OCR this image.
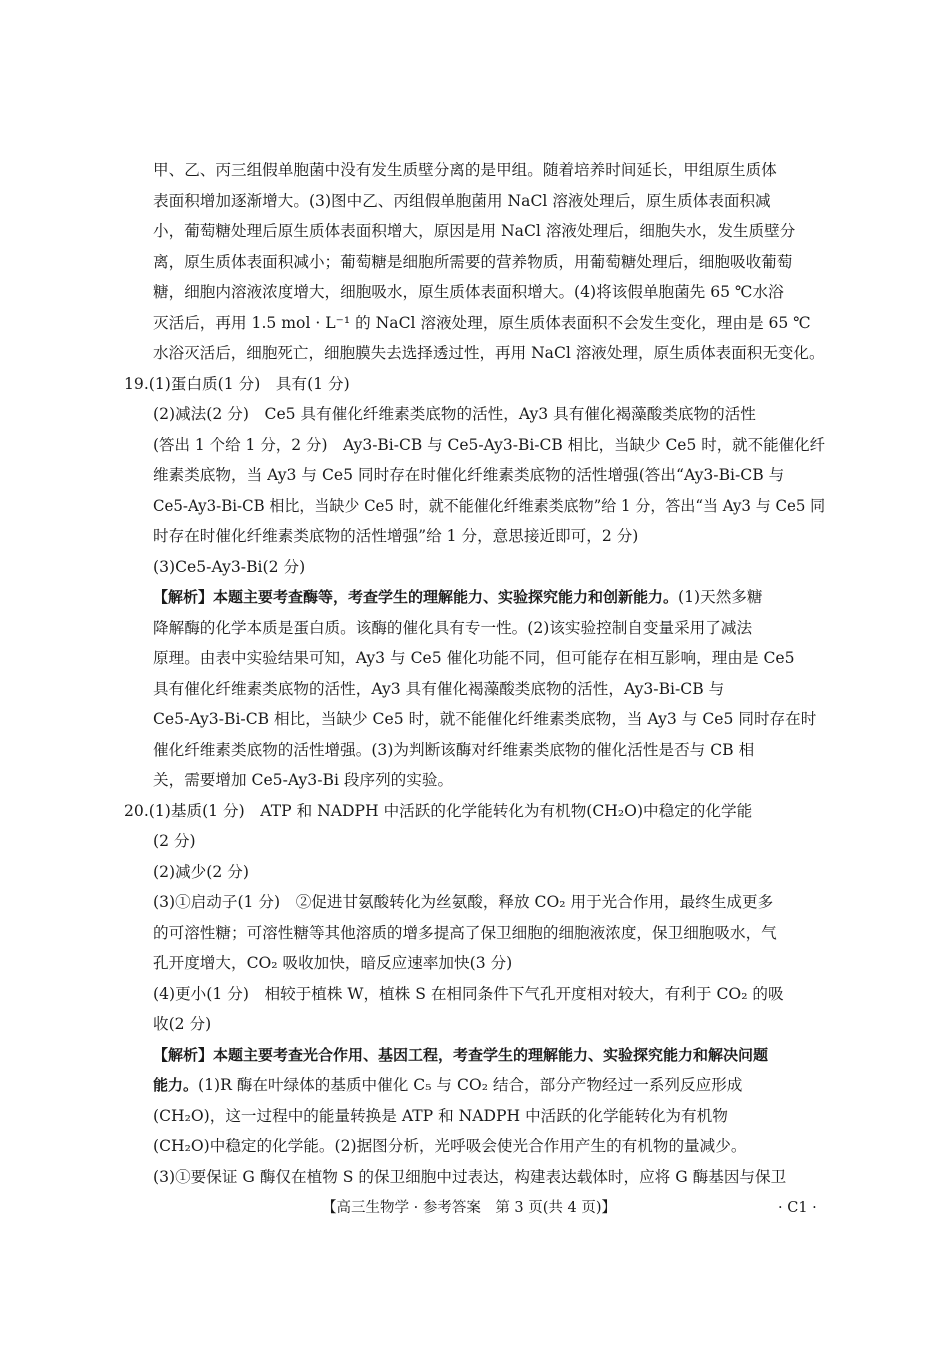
甲、乙、丙三组假单胞菌中没有发生质壁分离的是甲组。随着培养时间延长，甲组原生质体
表面积增加逐渐增大。(3)图中乙、丙组假单胞菌用 NaCl 溶液处理后，原生质体表面积减
小，葡萄糖处理后原生质体表面积增大，原因是用 NaCl 溶液处理后，细胞失水，发生质壁分
离，原生质体表面积减小；葡萄糖是细胞所需要的营养物质，用葡萄糖处理后，细胞吸收葡萄
糖，细胞内溶液浓度增大，细胞吸水，原生质体表面积增大。(4)将该假单胞菌先 65 ℃水浴
灭活后，再用 1.5 mol · L⁻¹ 的 NaCl 溶液处理，原生质体表面积不会发生变化，理由是 65 ℃
水浴灭活后，细胞死亡，细胞膜失去选择透过性，再用 NaCl 溶液处理，原生质体表面积无变化。
19.(1)蛋白质(1 分)　具有(1 分)
(2)减法(2 分)　Ce5 具有催化纤维素类底物的活性，Ay3 具有催化褐藻酸类底物的活性
(答出 1 个给 1 分，2 分)　Ay3-Bi-CB 与 Ce5-Ay3-Bi-CB 相比，当缺少 Ce5 时，就不能催化纤
维素类底物，当 Ay3 与 Ce5 同时存在时催化纤维素类底物的活性增强(答出“Ay3-Bi-CB 与
Ce5-Ay3-Bi-CB 相比，当缺少 Ce5 时，就不能催化纤维素类底物”给 1 分，答出“当 Ay3 与 Ce5 同
时存在时催化纤维素类底物的活性增强”给 1 分，意思接近即可，2 分)
(3)Ce5-Ay3-Bi(2 分)
【解析】本题主要考查酶等，考查学生的理解能力、实验探究能力和创新能力。(1)天然多糖
降解酶的化学本质是蛋白质。该酶的催化具有专一性。(2)该实验控制自变量采用了减法
原理。由表中实验结果可知，Ay3 与 Ce5 催化功能不同，但可能存在相互影响，理由是 Ce5
具有催化纤维素类底物的活性，Ay3 具有催化褐藻酸类底物的活性，Ay3-Bi-CB 与
Ce5-Ay3-Bi-CB 相比，当缺少 Ce5 时，就不能催化纤维素类底物，当 Ay3 与 Ce5 同时存在时
催化纤维素类底物的活性增强。(3)为判断该酶对纤维素类底物的催化活性是否与 CB 相
关，需要增加 Ce5-Ay3-Bi 段序列的实验。
20.(1)基质(1 分)　ATP 和 NADPH 中活跃的化学能转化为有机物(CH₂O)中稳定的化学能
(2 分)
(2)减少(2 分)
(3)①启动子(1 分)　②促进甘氨酸转化为丝氨酸，释放 CO₂ 用于光合作用，最终生成更多
的可溶性糖；可溶性糖等其他溶质的增多提高了保卫细胞的细胞液浓度，保卫细胞吸水，气
孔开度增大，CO₂ 吸收加快，暗反应速率加快(3 分)
(4)更小(1 分)　相较于植株 W，植株 S 在相同条件下气孔开度相对较大，有利于 CO₂ 的吸
收(2 分)
【解析】本题主要考查光合作用、基因工程，考查学生的理解能力、实验探究能力和解决问题
能力。(1)R 酶在叶绿体的基质中催化 C₅ 与 CO₂ 结合，部分产物经过一系列反应形成
(CH₂O)，这一过程中的能量转换是 ATP 和 NADPH 中活跃的化学能转化为有机物
(CH₂O)中稳定的化学能。(2)据图分析，光呼吸会使光合作用产生的有机物的量减少。
(3)①要保证 G 酶仅在植物 S 的保卫细胞中过表达，构建表达载体时，应将 G 酶基因与保卫
【高三生物学 · 参考答案　第 3 页(共 4 页)】	· C1 ·
